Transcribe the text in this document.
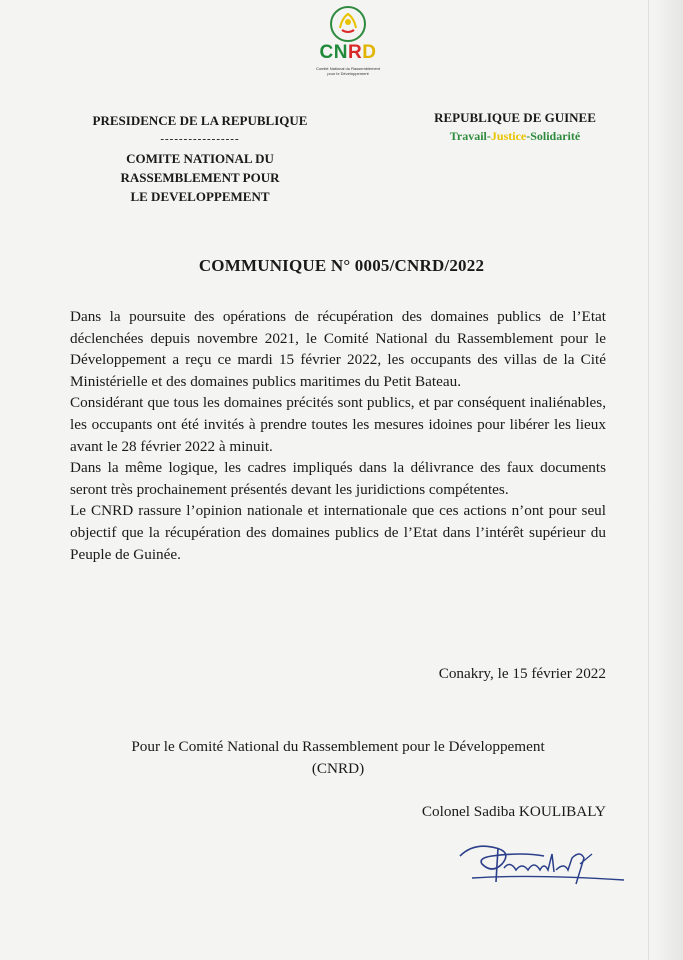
CNRD
Comité National du Rassemblement pour le Développement
PRESIDENCE DE LA REPUBLIQUE
-----------------
COMITE NATIONAL DU
RASSEMBLEMENT POUR
LE DEVELOPPEMENT
REPUBLIQUE DE GUINEE
Travail-Justice-Solidarité
COMMUNIQUE N° 0005/CNRD/2022

Dans la poursuite des opérations de récupération des domaines publics de l’Etat déclenchées depuis novembre 2021, le Comité National du Rassemblement pour le Développement a reçu ce mardi 15 février 2022, les occupants des villas de la Cité Ministérielle et des domaines publics maritimes du Petit Bateau.

Considérant que tous les domaines précités sont publics, et par conséquent inaliénables, les occupants ont été invités à prendre toutes les mesures idoines pour libérer les lieux avant le 28 février 2022 à minuit.

Dans la même logique, les cadres impliqués dans la délivrance des faux documents seront très prochainement présentés devant les juridictions compétentes.

Le CNRD rassure l’opinion nationale et internationale que ces actions n’ont pour seul objectif que la récupération des domaines publics de l’Etat dans l’intérêt supérieur du Peuple de Guinée.

Conakry, le 15 février 2022
Pour le Comité National du Rassemblement pour le Développement
(CNRD)
Colonel Sadiba KOULIBALY
